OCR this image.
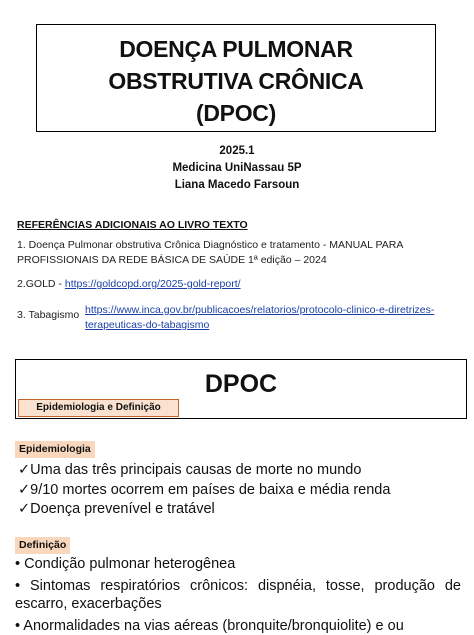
DOENÇA PULMONAR
OBSTRUTIVA CRÔNICA
(DPOC)
2025.1
Medicina UniNassau 5P
Liana Macedo Farsoun
REFERÊNCIAS ADICIONAIS AO LIVRO TEXTO
1. Doença Pulmonar obstrutiva Crônica Diagnóstico e tratamento - MANUAL PARA PROFISSIONAIS DA REDE BÁSICA DE SAÚDE 1ª edição – 2024
2.GOLD - https://goldcopd.org/2025-gold-report/
3. Tabagismo https://www.inca.gov.br/publicacoes/relatorios/protocolo-clinico-e-diretrizes-terapeuticas-do-tabagismo
DPOC
Epidemiologia e Definição
Epidemiologia
✓Uma das três principais causas de morte no mundo
✓9/10 mortes ocorrem em países de baixa e média renda
✓Doença prevenível e tratável
Definição
• Condição pulmonar heterogênea
• Sintomas respiratórios crônicos: dispnéia, tosse, produção de escarro, exacerbações
• Anormalidades na vias aéreas (bronquite/bronquiolite) e ou
